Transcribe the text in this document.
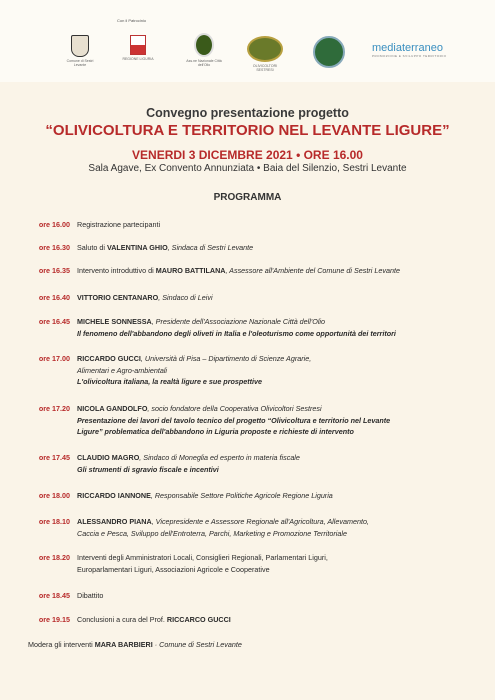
Con il Patrocinio
Comune di Sestri Levante
REGIONE LIGURIA	Ass.ne Nazionale Città dell'Olio	OLIVICOLTORI SESTRESI
mediaterraneo
PROMOZIONE E SVILUPPO TERRITORIO
Convegno presentazione progetto
“OLIVICOLTURA E TERRITORIO NEL LEVANTE LIGURE”
VENERDI 3 DICEMBRE 2021 • ORE 16.00
Sala Agave, Ex Convento Annunziata • Baia del Silenzio, Sestri Levante
PROGRAMMA
ore 16.00 Registrazione partecipanti
ore 16.30 Saluto di VALENTINA GHIO, Sindaca di Sestri Levante
ore 16.35 Intervento introduttivo di MAURO BATTILANA, Assessore all'Ambiente del Comune di Sestri Levante
ore 16.40 VITTORIO CENTANARO, Sindaco di Leivi
ore 16.45 MICHELE SONNESSA, Presidente dell'Associazione Nazionale Città dell'Olio
Il fenomeno dell'abbandono degli oliveti in Italia e l'oleoturismo come opportunità dei territori
ore 17.00 RICCARDO GUCCI, Università di Pisa – Dipartimento di Scienze Agrarie,
Alimentari e Agro-ambientali
L'olivicoltura italiana, la realtà ligure e sue prospettive
ore 17.20 NICOLA GANDOLFO, socio fondatore della Cooperativa Olivicoltori Sestresi
Presentazione dei lavori del tavolo tecnico del progetto “Olivicoltura e territorio nel Levante
Ligure” problematica dell'abbandono in Liguria proposte e richieste di intervento
ore 17.45 CLAUDIO MAGRO, Sindaco di Moneglia ed esperto in materia fiscale
Gli strumenti di sgravio fiscale e incentivi
ore 18.00 RICCARDO IANNONE, Responsabile Settore Politiche Agricole Regione Liguria
ore 18.10 ALESSANDRO PIANA, Vicepresidente e Assessore Regionale all'Agricoltura, Allevamento,
Caccia e Pesca, Sviluppo dell'Entroterra, Parchi, Marketing e Promozione Territoriale
ore 18.20 Interventi degli Amministratori Locali, Consiglieri Regionali, Parlamentari Liguri,
Europarlamentari Liguri, Associazioni Agricole e Cooperative
ore 18.45 Dibattito
ore 19.15 Conclusioni a cura del Prof. RICCARCO GUCCI
Modera gli interventi MARA BARBIERI · Comune di Sestri Levante
